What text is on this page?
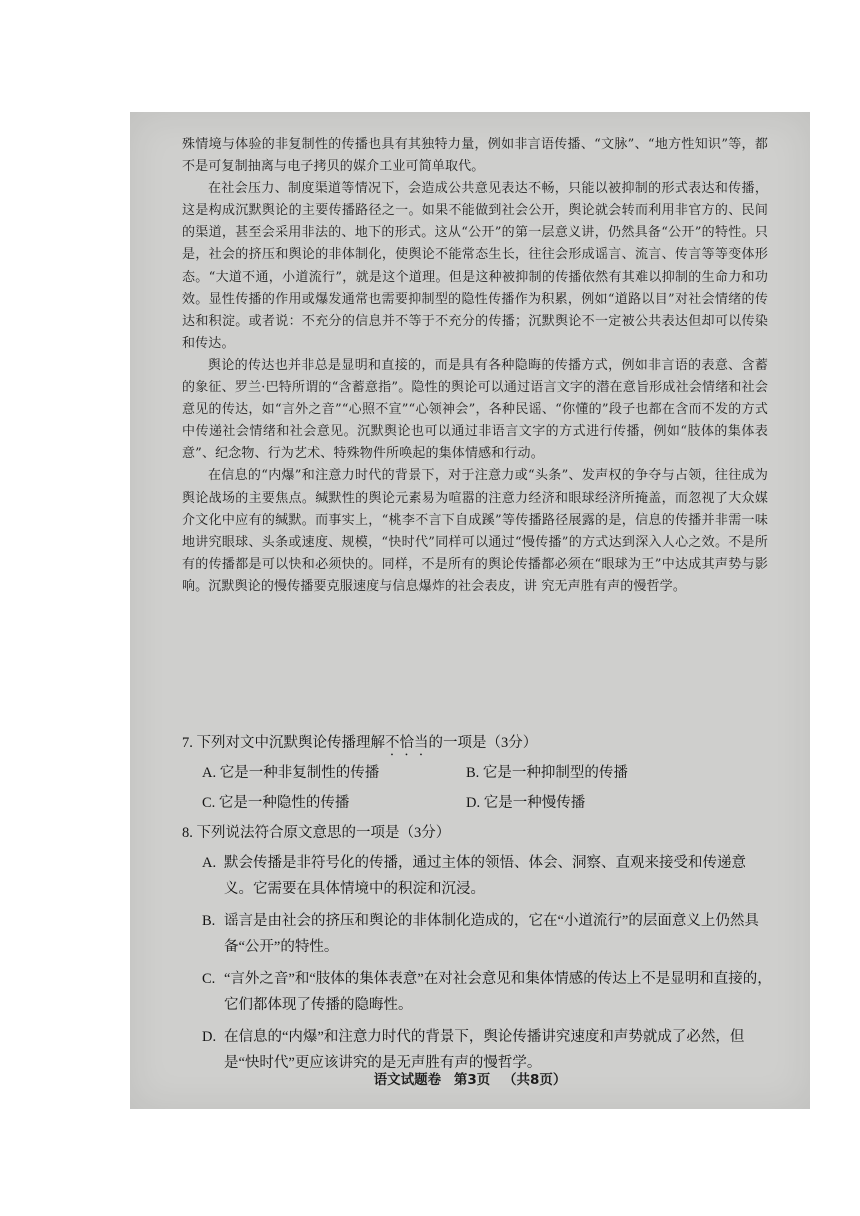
殊情境与体验的非复制性的传播也具有其独特力量，例如非言语传播、“文脉”、“地方性知识”等，都不是可复制抽离与电子拷贝的媒介工业可简单取代。

在社会压力、制度渠道等情况下，会造成公共意见表达不畅，只能以被抑制的形式表达和传播，这是构成沉默舆论的主要传播路径之一。如果不能做到社会公开，舆论就会转而利用非官方的、民间的渠道，甚至会采用非法的、地下的形式。这从“公开”的第一层意义讲，仍然具备“公开”的特性。只是，社会的挤压和舆论的非体制化，使舆论不能常态生长，往往会形成谣言、流言、传言等等变体形态。“大道不通，小道流行”，就是这个道理。但是这种被抑制的传播依然有其难以抑制的生命力和功效。显性传播的作用或爆发通常也需要抑制型的隐性传播作为积累，例如“道路以目”对社会情绪的传达和积淀。或者说：不充分的信息并不等于不充分的传播；沉默舆论不一定被公共表达但却可以传染和传达。

舆论的传达也并非总是显明和直接的，而是具有各种隐晦的传播方式，例如非言语的表意、含蓄的象征、罗兰·巴特所谓的“含蓄意指”。隐性的舆论可以通过语言文字的潜在意旨形成社会情绪和社会意见的传达，如“言外之音”“心照不宣”“心领神会”，各种民谣、“你懂的”段子也都在含而不发的方式中传递社会情绪和社会意见。沉默舆论也可以通过非语言文字的方式进行传播，例如“肢体的集体表意”、纪念物、行为艺术、特殊物件所唤起的集体情感和行动。

在信息的“内爆”和注意力时代的背景下，对于注意力或“头条”、发声权的争夺与占领，往往成为舆论战场的主要焦点。缄默性的舆论元素易为喧嚣的注意力经济和眼球经济所掩盖，而忽视了大众媒介文化中应有的缄默。而事实上，“桃李不言下自成蹊”等传播路径展露的是，信息的传播并非需一味地讲究眼球、头条或速度、规模，“快时代”同样可以通过“慢传播”的方式达到深入人心之效。不是所有的传播都是可以快和必须快的。同样，不是所有的舆论传播都必须在“眼球为王”中达成其声势与影响。沉默舆论的慢传播要克服速度与信息爆炸的社会表皮，讲 究无声胜有声的慢哲学。

7. 下列对文中沉默舆论传播理解不恰当的一项是（3分）
A. 它是一种非复制性的传播	B. 它是一种抑制型的传播
C. 它是一种隐性的传播	D. 它是一种慢传播
8. 下列说法符合原文意思的一项是（3分）
A. 默会传播是非符号化的传播，通过主体的领悟、体会、洞察、直观来接受和传递意义。它需要在具体情境中的积淀和沉浸。
B. 谣言是由社会的挤压和舆论的非体制化造成的，它在“小道流行”的层面意义上仍然具备“公开”的特性。
C. “言外之音”和“肢体的集体表意”在对社会意见和集体情感的传达上不是显明和直接的，它们都体现了传播的隐晦性。
D. 在信息的“内爆”和注意力时代的背景下，舆论传播讲究速度和声势就成了必然，但是“快时代”更应该讲究的是无声胜有声的慢哲学。
语文试题卷 第3页 （共8页）
